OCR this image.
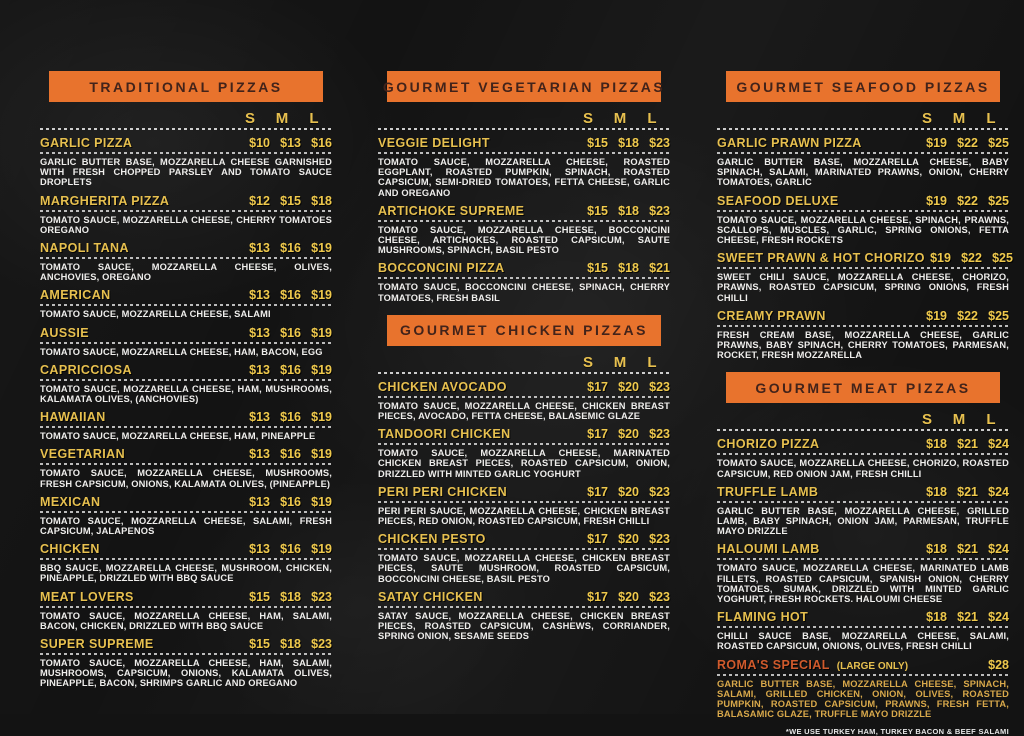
TRADITIONAL PIZZAS
S	M	L
GARLIC PIZZA	$10 $13 $16
GARLIC BUTTER BASE, MOZZARELLA CHEESE GARNISHED WITH FRESH CHOPPED PARSLEY AND TOMATO SAUCE DROPLETS
MARGHERITA PIZZA	$12 $15 $18
TOMATO SAUCE, MOZZARELLA CHEESE, CHERRY TOMATOES OREGANO
NAPOLI TANA	$13 $16 $19
TOMATO SAUCE, MOZZARELLA CHEESE, OLIVES, ANCHOVIES, OREGANO
AMERICAN	$13 $16 $19
TOMATO SAUCE, MOZZARELLA CHEESE, SALAMI
AUSSIE	$13 $16 $19
TOMATO SAUCE, MOZZARELLA CHEESE, HAM, BACON, EGG
CAPRICCIOSA	$13 $16 $19
TOMATO SAUCE, MOZZARELLA CHEESE, HAM, MUSHROOMS, KALAMATA OLIVES, (ANCHOVIES)
HAWAIIAN	$13 $16 $19
TOMATO SAUCE, MOZZARELLA CHEESE, HAM, PINEAPPLE
VEGETARIAN	$13 $16 $19
TOMATO SAUCE, MOZZARELLA CHEESE, MUSHROOMS, FRESH CAPSICUM, ONIONS, KALAMATA OLIVES, (PINEAPPLE)
MEXICAN	$13 $16 $19
TOMATO SAUCE, MOZZARELLA CHEESE, SALAMI, FRESH CAPSICUM, JALAPENOS
CHICKEN	$13 $16 $19
BBQ SAUCE, MOZZARELLA CHEESE, MUSHROOM, CHICKEN, PINEAPPLE, DRIZZLED WITH BBQ SAUCE
MEAT LOVERS	$15 $18 $23
TOMATO SAUCE, MOZZARELLA CHEESE, HAM, SALAMI, BACON, CHICKEN, DRIZZLED WITH BBQ SAUCE
SUPER SUPREME	$15 $18 $23
TOMATO SAUCE, MOZZARELLA CHEESE, HAM, SALAMI, MUSHROOMS, CAPSICUM, ONIONS, KALAMATA OLIVES, PINEAPPLE, BACON, SHRIMPS GARLIC AND OREGANO
GOURMET VEGETARIAN PIZZAS
S	M	L
VEGGIE DELIGHT	$15 $18 $23
TOMATO SAUCE, MOZZARELLA CHEESE, ROASTED EGGPLANT, ROASTED PUMPKIN, SPINACH, ROASTED CAPSICUM, SEMI-DRIED TOMATOES, FETTA CHEESE, GARLIC AND OREGANO
ARTICHOKE SUPREME	$15 $18 $23
TOMATO SAUCE, MOZZARELLA CHEESE, BOCCONCINI CHEESE, ARTICHOKES, ROASTED CAPSICUM, SAUTE MUSHROOMS, SPINACH, BASIL PESTO
BOCCONCINI PIZZA	$15 $18 $21
TOMATO SAUCE, BOCCONCINI CHEESE, SPINACH, CHERRY TOMATOES, FRESH BASIL
GOURMET CHICKEN PIZZAS
S	M	L
CHICKEN AVOCADO	$17 $20 $23
TOMATO SAUCE, MOZZARELLA CHEESE, CHICKEN BREAST PIECES, AVOCADO, FETTA CHEESE, BALASEMIC GLAZE
TANDOORI CHICKEN	$17 $20 $23
TOMATO SAUCE, MOZZARELLA CHEESE, MARINATED CHICKEN BREAST PIECES, ROASTED CAPSICUM, ONION, DRIZZLED WITH MINTED GARLIC YOGHURT
PERI PERI CHICKEN	$17 $20 $23
PERI PERI SAUCE, MOZZARELLA CHEESE, CHICKEN BREAST PIECES, RED ONION, ROASTED CAPSICUM, FRESH CHILLI
CHICKEN PESTO	$17 $20 $23
TOMATO SAUCE, MOZZARELLA CHEESE, CHICKEN BREAST PIECES, SAUTE MUSHROOM, ROASTED CAPSICUM, BOCCONCINI CHEESE, BASIL PESTO
SATAY CHICKEN	$17 $20 $23
SATAY SAUCE, MOZZARELLA CHEESE, CHICKEN BREAST PIECES, ROASTED CAPSICUM, CASHEWS, CORRIANDER, SPRING ONION, SESAME SEEDS
GOURMET SEAFOOD PIZZAS
S	M	L
GARLIC PRAWN PIZZA	$19 $22 $25
GARLIC BUTTER BASE, MOZZARELLA CHEESE, BABY SPINACH, SALAMI, MARINATED PRAWNS, ONION, CHERRY TOMATOES, GARLIC
SEAFOOD DELUXE	$19 $22 $25
TOMATO SAUCE, MOZZARELLA CHEESE, SPINACH, PRAWNS, SCALLOPS, MUSCLES, GARLIC, SPRING ONIONS, FETTA CHEESE, FRESH ROCKETS
SWEET PRAWN & HOT CHORIZO $19 $22 $25
SWEET CHILI SAUCE, MOZZARELLA CHEESE, CHORIZO, PRAWNS, ROASTED CAPSICUM, SPRING ONIONS, FRESH CHILLI
CREAMY PRAWN	$19 $22 $25
FRESH CREAM BASE, MOZZARELLA CHEESE, GARLIC PRAWNS, BABY SPINACH, CHERRY TOMATOES, PARMESAN, ROCKET, FRESH MOZZARELLA
GOURMET MEAT PIZZAS
S	M	L
CHORIZO PIZZA	$18 $21 $24
TOMATO SAUCE, MOZZARELLA CHEESE, CHORIZO, ROASTED CAPSICUM, RED ONION JAM, FRESH CHILLI
TRUFFLE LAMB	$18 $21 $24
GARLIC BUTTER BASE, MOZZARELLA CHEESE, GRILLED LAMB, BABY SPINACH, ONION JAM, PARMESAN, TRUFFLE MAYO DRIZZLE
HALOUMI LAMB	$18 $21 $24
TOMATO SAUCE, MOZZARELLA CHEESE, MARINATED LAMB FILLETS, ROASTED CAPSICUM, SPANISH ONION, CHERRY TOMATOES, SUMAK, DRIZZLED WITH MINTED GARLIC YOGHURT, FRESH ROCKETS. HALOUMI CHEESE
FLAMING HOT	$18 $21 $24
CHILLI SAUCE BASE, MOZZARELLA CHEESE, SALAMI, ROASTED CAPSICUM, ONIONS, OLIVES, FRESH CHILLI
ROMA'S SPECIAL (LARGE ONLY)	$28
GARLIC BUTTER BASE, MOZZARELLA CHEESE, SPINACH, SALAMI, GRILLED CHICKEN, ONION, OLIVES, ROASTED PUMPKIN, ROASTED CAPSICUM, PRAWNS, FRESH FETTA, BALASAMIC GLAZE, TRUFFLE MAYO DRIZZLE
*WE USE TURKEY HAM, TURKEY BACON & BEEF SALAMI
